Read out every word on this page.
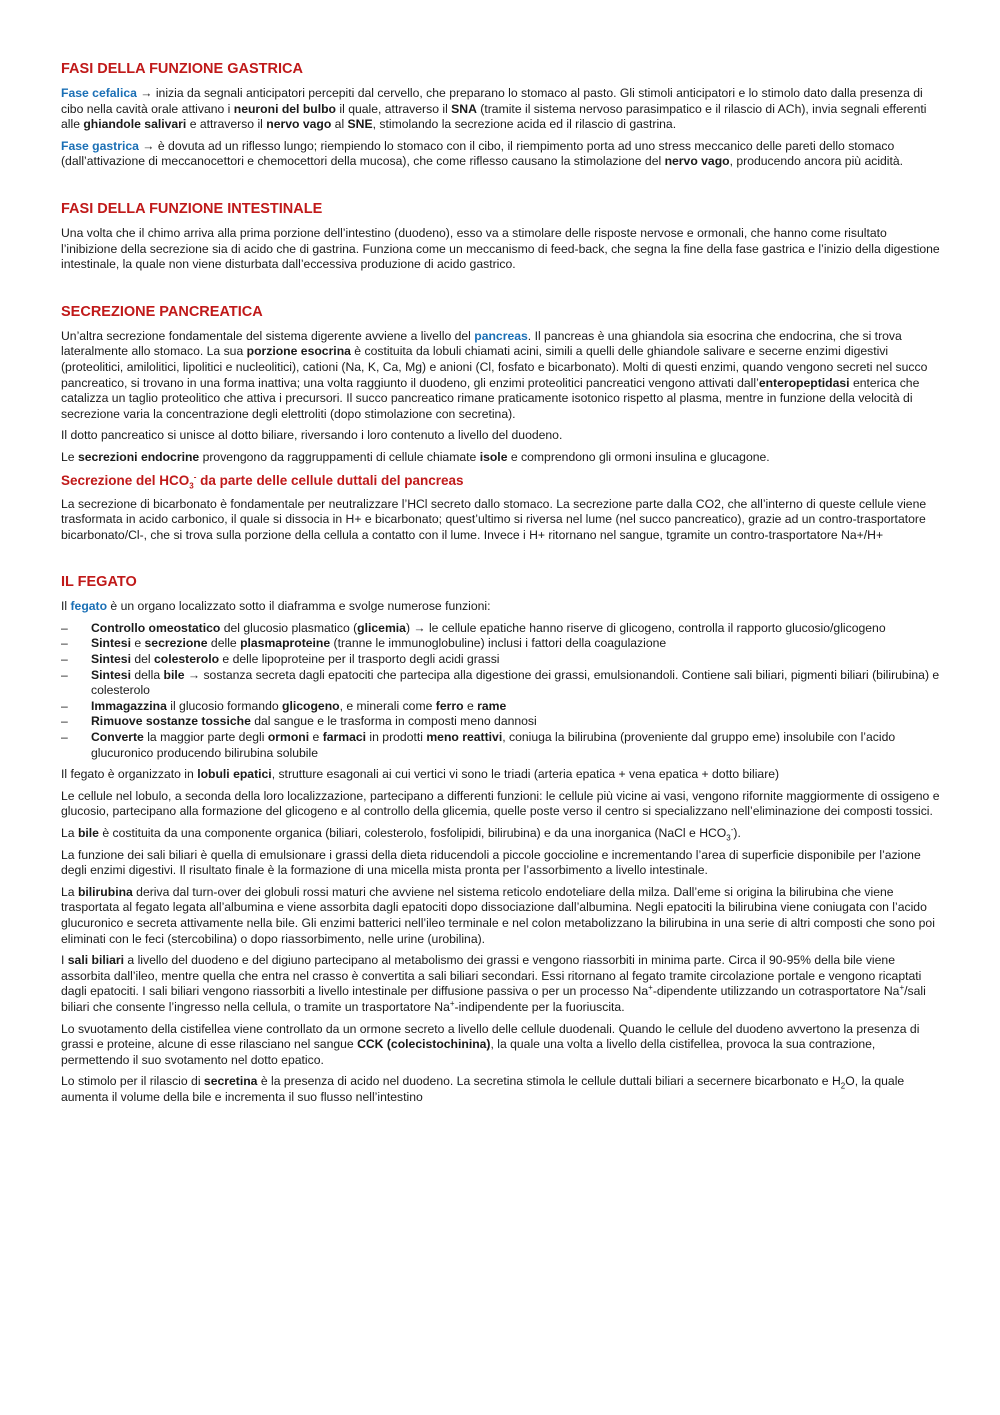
FASI DELLA FUNZIONE GASTRICA

Fase cefalica → inizia da segnali anticipatori percepiti dal cervello, che preparano lo stomaco al pasto. Gli stimoli anticipatori e lo stimolo dato dalla presenza di cibo nella cavità orale attivano i neuroni del bulbo il quale, attraverso il SNA (tramite il sistema nervoso parasimpatico e il rilascio di ACh), invia segnali efferenti alle ghiandole salivari e attraverso il nervo vago al SNE, stimolando la secrezione acida ed il rilascio di gastrina.

Fase gastrica → è dovuta ad un riflesso lungo; riempiendo lo stomaco con il cibo, il riempimento porta ad uno stress meccanico delle pareti dello stomaco (dall’attivazione di meccanocettori e chemocettori della mucosa), che come riflesso causano la stimolazione del nervo vago, producendo ancora più acidità.

FASI DELLA FUNZIONE INTESTINALE

Una volta che il chimo arriva alla prima porzione dell’intestino (duodeno), esso va a stimolare delle risposte nervose e ormonali, che hanno come risultato l’inibizione della secrezione sia di acido che di gastrina. Funziona come un meccanismo di feed-back, che segna la fine della fase gastrica e l’inizio della digestione intestinale, la quale non viene disturbata dall’eccessiva produzione di acido gastrico.

SECREZIONE PANCREATICA

Un’altra secrezione fondamentale del sistema digerente avviene a livello del pancreas. Il pancreas è una ghiandola sia esocrina che endocrina, che si trova lateralmente allo stomaco. La sua porzione esocrina è costituita da lobuli chiamati acini, simili a quelli delle ghiandole salivare e secerne enzimi digestivi (proteolitici, amilolitici, lipolitici e nucleolitici), cationi (Na, K, Ca, Mg) e anioni (Cl, fosfato e bicarbonato). Molti di questi enzimi, quando vengono secreti nel succo pancreatico, si trovano in una forma inattiva; una volta raggiunto il duodeno, gli enzimi proteolitici pancreatici vengono attivati dall’enteropeptidasi enterica che catalizza un taglio proteolitico che attiva i precursori. Il succo pancreatico rimane praticamente isotonico rispetto al plasma, mentre in funzione della velocità di secrezione varia la concentrazione degli elettroliti (dopo stimolazione con secretina).

Il dotto pancreatico si unisce al dotto biliare, riversando i loro contenuto a livello del duodeno.

Le secrezioni endocrine provengono da raggruppamenti di cellule chiamate isole e comprendono gli ormoni insulina e glucagone.

Secrezione del $HCO_3^-$ da parte delle cellule duttali del pancreas

La secrezione di bicarbonato è fondamentale per neutralizzare l’HCl secreto dallo stomaco. La secrezione parte dalla CO2, che all’interno di queste cellule viene trasformata in acido carbonico, il quale si dissocia in H+ e bicarbonato; quest’ultimo si riversa nel lume (nel succo pancreatico), grazie ad un contro-trasportatore bicarbonato/Cl-, che si trova sulla porzione della cellula a contatto con il lume. Invece i H+ ritornano nel sangue, tgramite un contro-trasportatore Na+/H+

IL FEGATO

Il fegato è un organo localizzato sotto il diaframma e svolge numerose funzioni:

– Controllo omeostatico del glucosio plasmatico (glicemia) → le cellule epatiche hanno riserve di glicogeno, controlla il rapporto glucosio/glicogeno
– Sintesi e secrezione delle plasmaproteine (tranne le immunoglobuline) inclusi i fattori della coagulazione
– Sintesi del colesterolo e delle lipoproteine per il trasporto degli acidi grassi
– Sintesi della bile → sostanza secreta dagli epatociti che partecipa alla digestione dei grassi, emulsionandoli. Contiene sali biliari, pigmenti biliari (bilirubina) e colesterolo
– Immagazzina il glucosio formando glicogeno, e minerali come ferro e rame
– Rimuove sostanze tossiche dal sangue e le trasforma in composti meno dannosi
– Converte la maggior parte degli ormoni e farmaci in prodotti meno reattivi, coniuga la bilirubina (proveniente dal gruppo eme) insolubile con l’acido glucuronico producendo bilirubina solubile

Il fegato è organizzato in lobuli epatici, strutture esagonali ai cui vertici vi sono le triadi (arteria epatica + vena epatica + dotto biliare)

Le cellule nel lobulo, a seconda della loro localizzazione, partecipano a differenti funzioni: le cellule più vicine ai vasi, vengono rifornite maggiormente di ossigeno e glucosio, partecipano alla formazione del glicogeno e al controllo della glicemia, quelle poste verso il centro si specializzano nell’eliminazione dei composti tossici.

La bile è costituita da una componente organica (biliari, colesterolo, fosfolipidi, bilirubina) e da una inorganica (NaCl e $HCO_3^-$).

La funzione dei sali biliari è quella di emulsionare i grassi della dieta riducendoli a piccole goccioline e incrementando l’area di superficie disponibile per l’azione degli enzimi digestivi. Il risultato finale è la formazione di una micella mista pronta per l’assorbimento a livello intestinale.

La bilirubina deriva dal turn-over dei globuli rossi maturi che avviene nel sistema reticolo endoteliare della milza. Dall’eme si origina la bilirubina che viene trasportata al fegato legata all’albumina e viene assorbita dagli epatociti dopo dissociazione dall’albumina. Negli epatociti la bilirubina viene coniugata con l’acido glucuronico e secreta attivamente nella bile. Gli enzimi batterici nell’ileo terminale e nel colon metabolizzano la bilirubina in una serie di altri composti che sono poi eliminati con le feci (stercobilina) o dopo riassorbimento, nelle urine (urobilina).

I sali biliari a livello del duodeno e del digiuno partecipano al metabolismo dei grassi e vengono riassorbiti in minima parte. Circa il 90-95% della bile viene assorbita dall’ileo, mentre quella che entra nel crasso è convertita a sali biliari secondari. Essi ritornano al fegato tramite circolazione portale e vengono ricaptati dagli epatociti. I sali biliari vengono riassorbiti a livello intestinale per diffusione passiva o per un processo Na+-dipendente utilizzando un cotrasportatore Na+/sali biliari che consente l’ingresso nella cellula, o tramite un trasportatore Na+-indipendente per la fuoriuscita.

Lo svuotamento della cistifellea viene controllato da un ormone secreto a livello delle cellule duodenali. Quando le cellule del duodeno avvertono la presenza di grassi e proteine, alcune di esse rilasciano nel sangue CCK (colecistochinina), la quale una volta a livello della cistifellea, provoca la sua contrazione, permettendo il suo svotamento nel dotto epatico.

Lo stimolo per il rilascio di secretina è la presenza di acido nel duodeno. La secretina stimola le cellule duttali biliari a secernere bicarbonato e $H_2O$, la quale aumenta il volume della bile e incrementa il suo flusso nell’intestino
